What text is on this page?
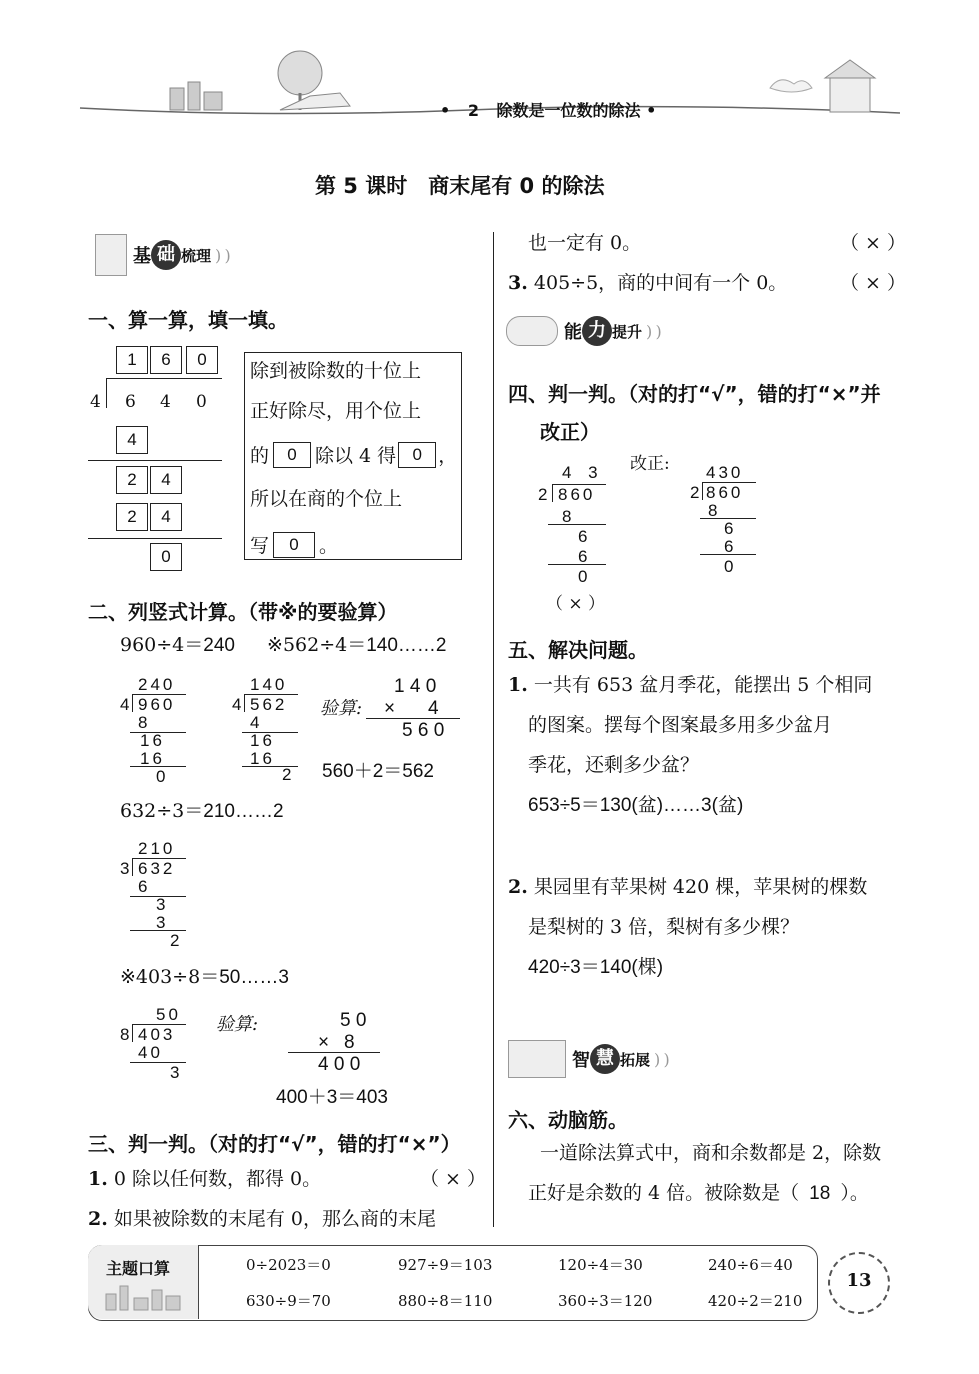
• 2 除数是一位数的除法 •
第 5 课时　商末尾有 0 的除法
基 础 梳理 ) )
一、算一算，填一填。
1	6	0
4 6 4 0
4
2	4
2	4
0
除到被除数的十位上
正好除尽，用个位上
的 0 除以 4 得 0 ，
所以在商的个位上
写 0 。
二、列竖式计算。（带※的要验算）
960÷4＝240 ※562÷4＝140……2
240
4 960
8
16
16
0
140
4 562
4
16
16
2
验算:
1 4 0
× 4
5 6 0
560＋2＝562
632÷3＝210……2
210
3 632
6
3
3
2
※403÷8＝50……3
50
8 403
40
3
验算:	5 0
× 8
4 0 0
400＋3＝403
三、判一判。（对的打“√”，错的打“×”）
1. 0 除以任何数，都得 0。	（ × ）
2. 如果被除数的末尾有 0，那么商的末尾
也一定有 0。	（ × ）
3. 405÷5，商的中间有一个 0。	（ × ）
能 力 提升 ) )
四、判一判。（对的打“√”，错的打“×”并
改正）
4 3
2 860
8
6
6
0
改正: 430
2 860
8
6
6
0
（ × ）
五、解决问题。
1. 一共有 653 盆月季花，能摆出 5 个相同
的图案。摆每个图案最多用多少盆月
季花，还剩多少盆？
653÷5＝130(盆)……3(盆)
2. 果园里有苹果树 420 棵，苹果树的棵数
是梨树的 3 倍，梨树有多少棵？
420÷3＝140(棵)
智 慧 拓展 ) )
六、动脑筋。
一道除法算式中，商和余数都是 2，除数
正好是余数的 4 倍。被除数是（ 18 ）。
主题口算	0÷2023＝0	927÷9＝103	120÷4＝30	240÷6＝40
630÷9＝70	880÷8＝110	360÷3＝120	420÷2＝210
13
